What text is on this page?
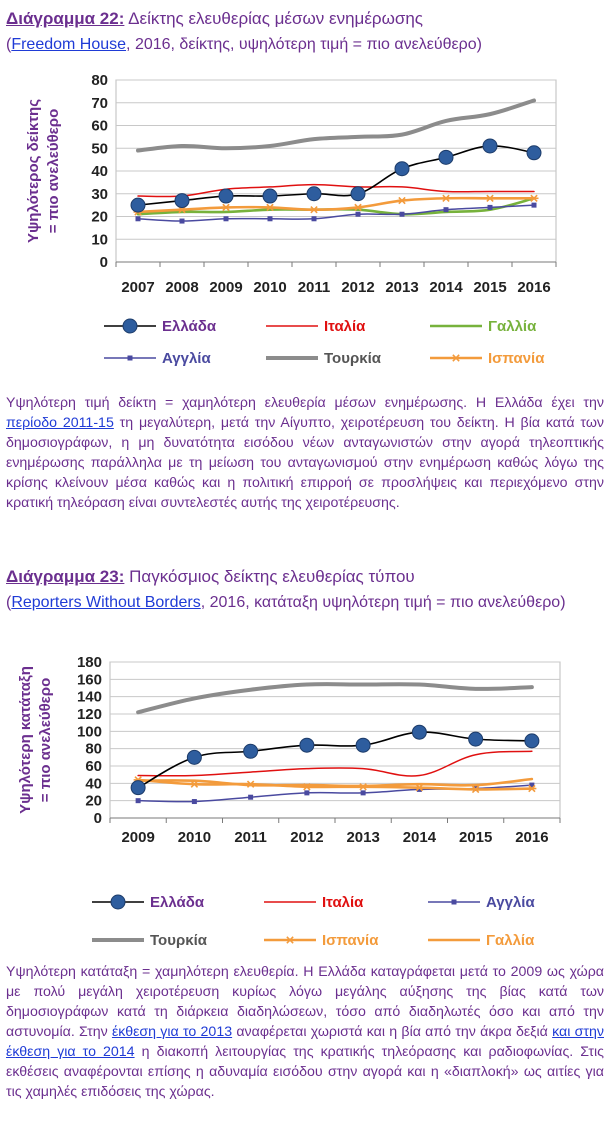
Διάγραμμα 22: Δείκτης ελευθερίας μέσων ενημέρωσης
(Freedom House, 2016, δείκτης, υψηλότερη τιμή = πιο ανελεύθερο)
0
10
20
30
40
50
60
70
80
2007 2008 2009 2010 2011 2012 2013 2014 2015 2016
Υψηλότερος δείκτης = πιο ανελεύθερο
Ελλάδα	Ιταλία	Γαλλία
Αγγλία	Τουρκία	Ισπανία
Υψηλότερη τιμή δείκτη = χαμηλότερη ελευθερία μέσων ενημέρωσης. Η Ελλάδα έχει την περίοδο 2011-15 τη μεγαλύτερη, μετά την Αίγυπτο, χειροτέρευση του δείκτη. Η βία κατά των δημοσιογράφων, η μη δυνατότητα εισόδου νέων ανταγωνιστών στην αγορά τηλεοπτικής ενημέρωσης παράλληλα με τη μείωση του ανταγωνισμού στην ενημέρωση καθώς λόγω της κρίσης κλείνουν μέσα καθώς και η πολιτική επιρροή σε προσλήψεις και περιεχόμενο στην κρατική τηλεόραση είναι συντελεστές αυτής της χειροτέρευσης.
Διάγραμμα 23: Παγκόσμιος δείκτης ελευθερίας τύπου
(Reporters Without Borders, 2016, κατάταξη υψηλότερη τιμή = πιο ανελεύθερο)
0
20
40
60
80
100
120
140
160
180
2009 2010 2011 2012 2013 2014 2015 2016
Υψηλότερη κατάταξη = πιο ανελεύθερο
Ελλάδα	Ιταλία	Αγγλία
Τουρκία	Ισπανία	Γαλλία
Υψηλότερη κατάταξη = χαμηλότερη ελευθερία. Η Ελλάδα καταγράφεται μετά το 2009 ως χώρα με πολύ μεγάλη χειροτέρευση κυρίως λόγω μεγάλης αύξησης της βίας κατά των δημοσιογράφων κατά τη διάρκεια διαδηλώσεων, τόσο από διαδηλωτές όσο και από την αστυνομία. Στην έκθεση για το 2013 αναφέρεται χωριστά και η βία από την άκρα δεξιά και στην έκθεση για το 2014 η διακοπή λειτουργίας της κρατικής τηλεόρασης και ραδιοφωνίας. Στις εκθέσεις αναφέρονται επίσης η αδυναμία εισόδου στην αγορά και η «διαπλοκή» ως αιτίες για τις χαμηλές επιδόσεις της χώρας.
